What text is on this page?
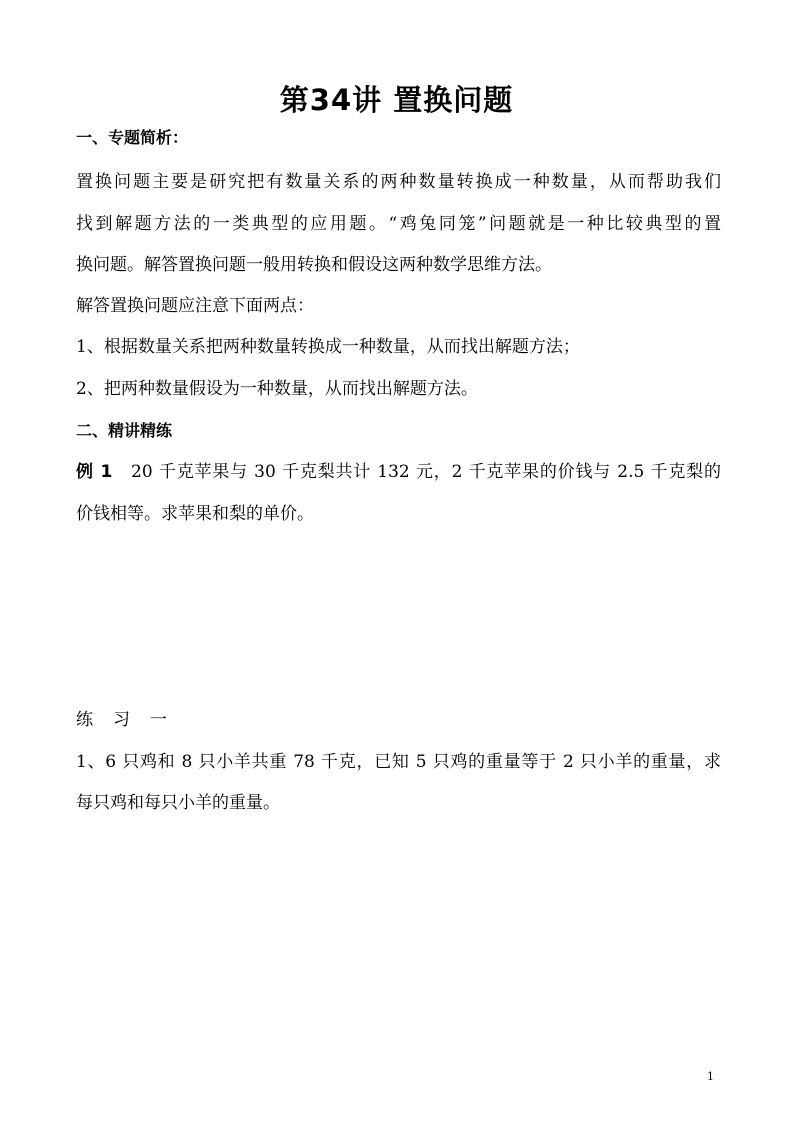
第34讲 置换问题
一、专题简析：
置换问题主要是研究把有数量关系的两种数量转换成一种数量，从而帮助我们
找到解题方法的一类典型的应用题。“鸡兔同笼”问题就是一种比较典型的置
换问题。解答置换问题一般用转换和假设这两种数学思维方法。
解答置换问题应注意下面两点：
1、根据数量关系把两种数量转换成一种数量，从而找出解题方法；
2、把两种数量假设为一种数量，从而找出解题方法。
二、精讲精练
例 1 20 千克苹果与 30 千克梨共计 132 元，2 千克苹果的价钱与 2.5 千克梨的
价钱相等。求苹果和梨的单价。
练习一
1、6 只鸡和 8 只小羊共重 78 千克，已知 5 只鸡的重量等于 2 只小羊的重量，求
每只鸡和每只小羊的重量。
1
